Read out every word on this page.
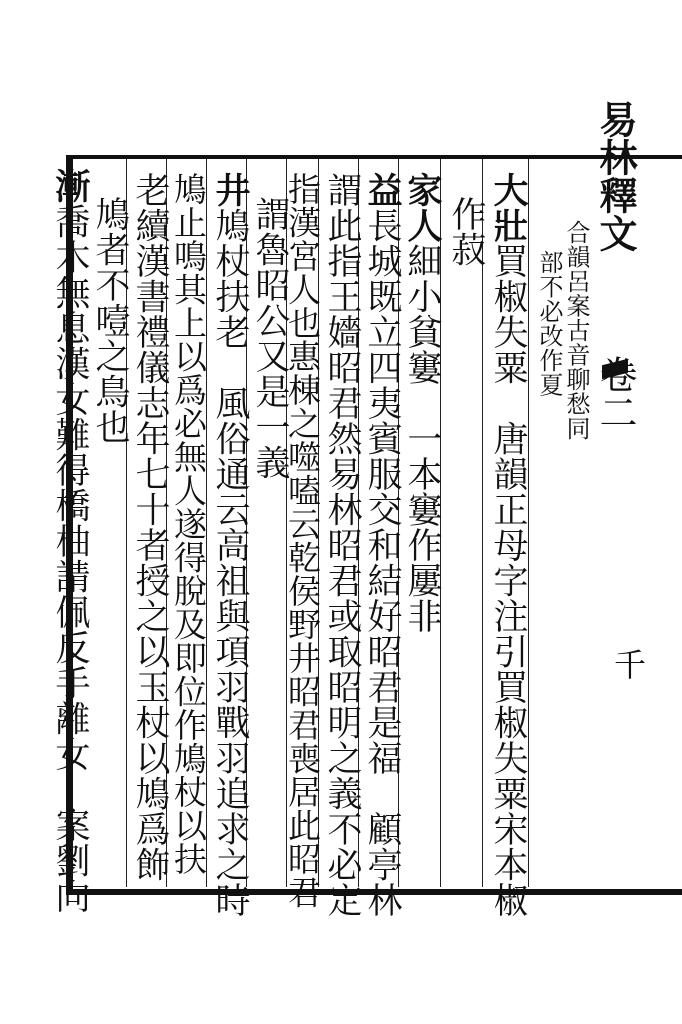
易林釋文
卷二
千
合韻呂案古音聊愁同
部不必改作夏
大壯買椒失粟　唐韻正母字注引買椒失粟宋本椒
作菽
家人細小貧窶　一本窶作屢非
益長城既立四夷賓服交和結好昭君是福　顧亭林
謂此指王嬙昭君然易林昭君或取昭明之義不必定
指漢宮人也惠棟之噬嗑云乾侯野井昭君喪居此昭君
謂魯昭公又是一義
井鳩杖扶老　風俗通云高祖與項羽戰羽追求之時
鳩止鳴其上以爲必無人遂得脫及即位作鳩杖以扶
老續漢書禮儀志年七十者授之以玉杖以鳩爲飾
鳩者不噎之鳥也
漸喬木無息漢女難得橋柚請佩反手離女　案劉向
